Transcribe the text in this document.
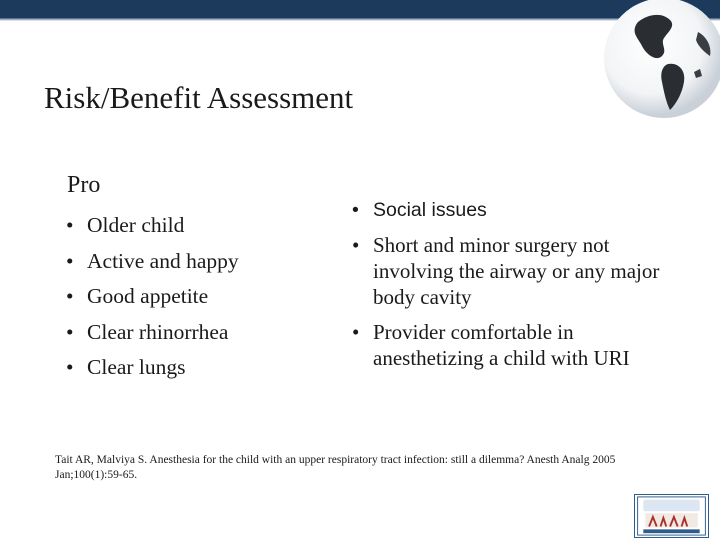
Risk/Benefit Assessment
Pro
• Older child
• Active and happy
• Good appetite
• Clear rhinorrhea
• Clear lungs
• Social issues
• Short and minor surgery not involving the airway or any major body cavity
• Provider comfortable in anesthetizing a child with URI
Tait AR, Malviya S. Anesthesia for the child with an upper respiratory tract infection: still a dilemma? Anesth Analg 2005 Jan;100(1):59-65.
